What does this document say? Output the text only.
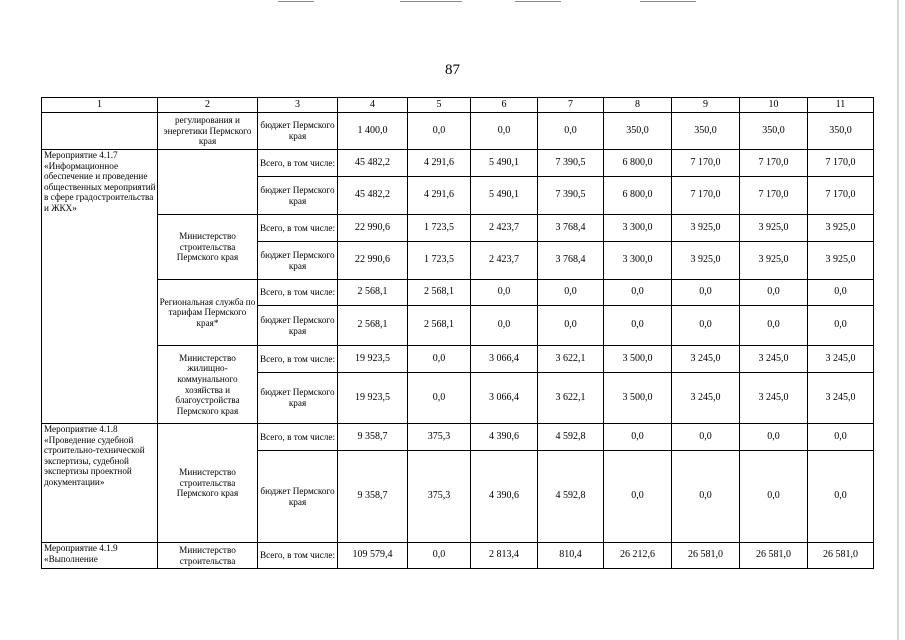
87
1	2	3	4	5	6	7	8	9	10	11
	регулирования и энергетики Пермского края	бюджет Пермского края	1 400,0	0,0	0,0	0,0	350,0	350,0	350,0	350,0
Мероприятие 4.1.7 «Информационное обеспечение и проведение общественных мероприятий в сфере градостроительства и ЖКХ»		Всего, в том числе:	45 482,2	4 291,6	5 490,1	7 390,5	6 800,0	7 170,0	7 170,0	7 170,0
		бюджет Пермского края	45 482,2	4 291,6	5 490,1	7 390,5	6 800,0	7 170,0	7 170,0	7 170,0
	Министерство строительства Пермского края	Всего, в том числе:	22 990,6	1 723,5	2 423,7	3 768,4	3 300,0	3 925,0	3 925,0	3 925,0
		бюджет Пермского края	22 990,6	1 723,5	2 423,7	3 768,4	3 300,0	3 925,0	3 925,0	3 925,0
	Региональная служба по тарифам Пермского края*	Всего, в том числе:	2 568,1	2 568,1	0,0	0,0	0,0	0,0	0,0	0,0
		бюджет Пермского края	2 568,1	2 568,1	0,0	0,0	0,0	0,0	0,0	0,0
	Министерство жилищно-коммунального хозяйства и благоустройства Пермского края	Всего, в том числе:	19 923,5	0,0	3 066,4	3 622,1	3 500,0	3 245,0	3 245,0	3 245,0
		бюджет Пермского края	19 923,5	0,0	3 066,4	3 622,1	3 500,0	3 245,0	3 245,0	3 245,0
Мероприятие 4.1.8 «Проведение судебной строительно-технической экспертизы, судебной экспертизы проектной документации»	Министерство строительства Пермского края	Всего, в том числе:	9 358,7	375,3	4 390,6	4 592,8	0,0	0,0	0,0	0,0
		бюджет Пермского края	9 358,7	375,3	4 390,6	4 592,8	0,0	0,0	0,0	0,0
Мероприятие 4.1.9 «Выполнение	Министерство строительства	Всего, в том числе:	109 579,4	0,0	2 813,4	810,4	26 212,6	26 581,0	26 581,0	26 581,0
